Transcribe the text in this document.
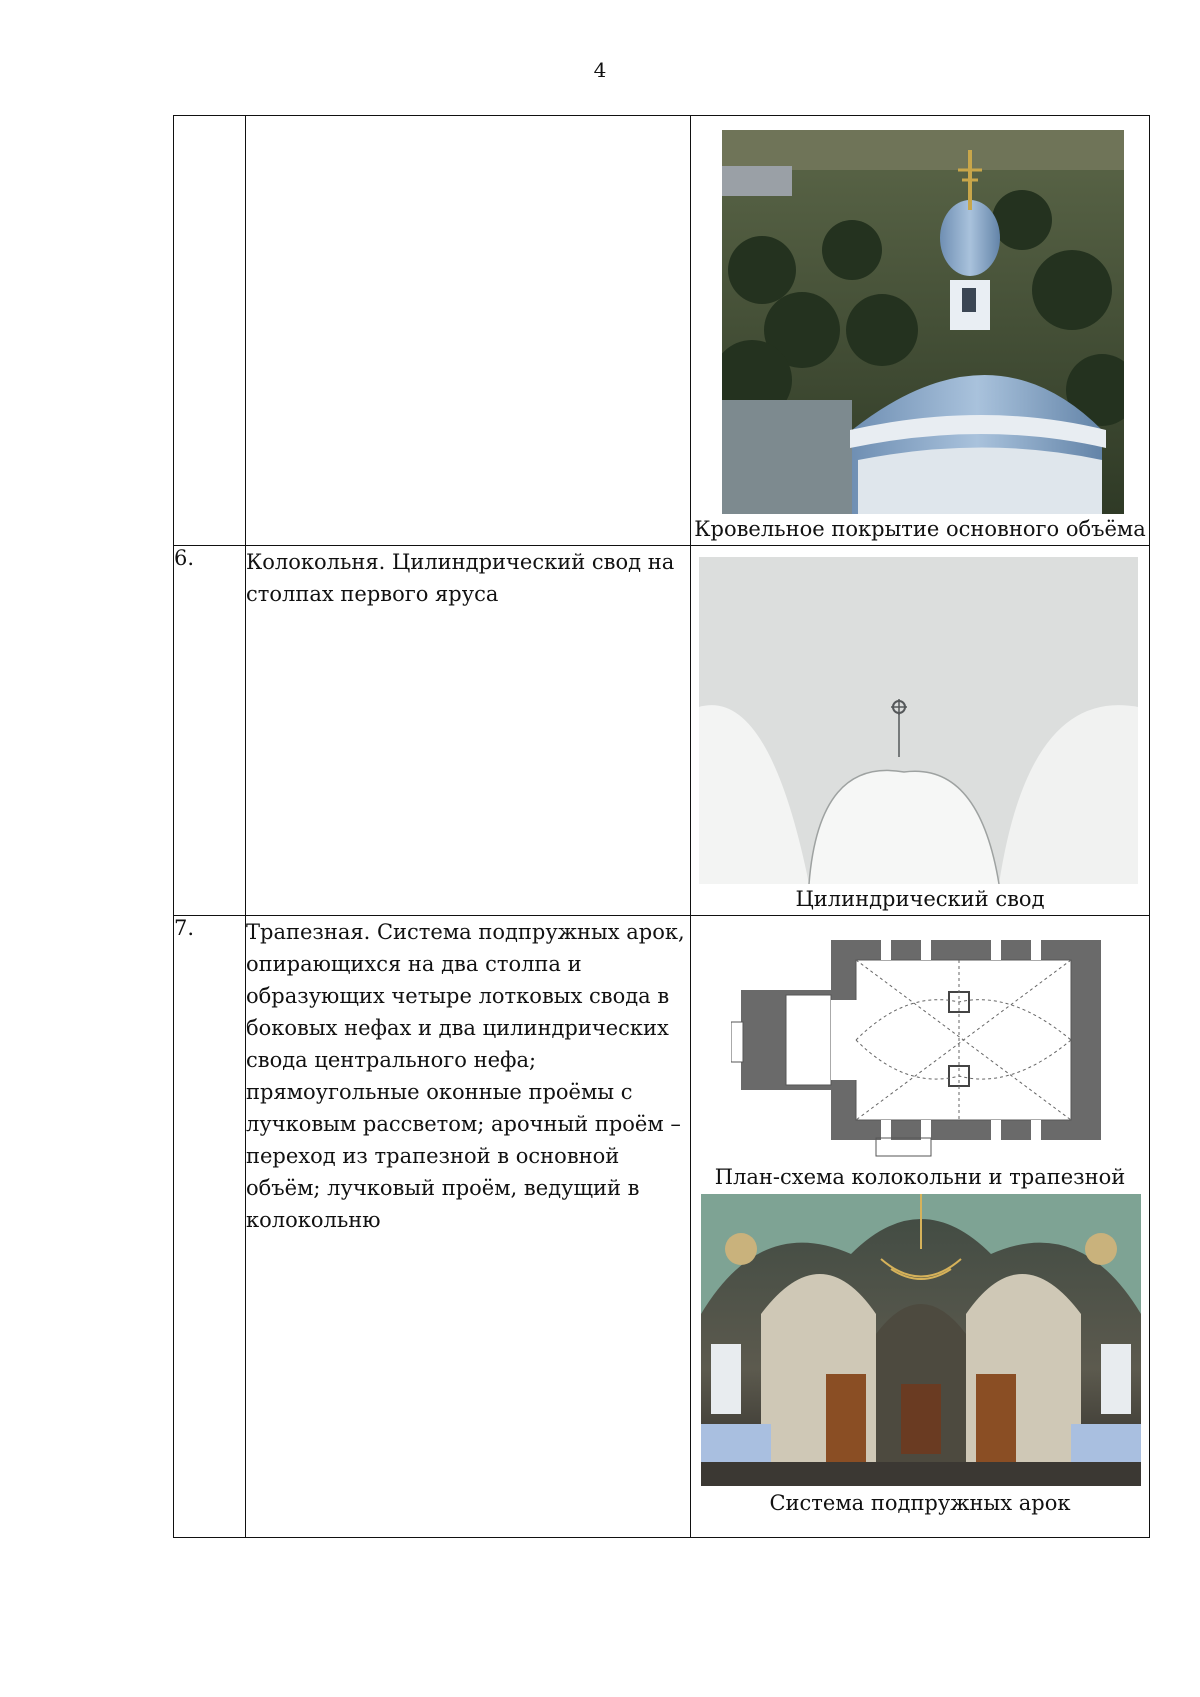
4

		Кровельное покрытие основного объёма

6.	Колокольня. Цилиндрический свод на столпах первого яруса	Цилиндрический свод

7.	Трапезная. Система подпружных арок, опирающихся на два столпа и образующих четыре лотковых свода в боковых нефах и два цилиндрических свода центрального нефа; прямоугольные оконные проёмы с лучковым рассветом; арочный проём – переход из трапезной в основной объём; лучковый проём, ведущий в колокольню	План-схема колокольни и трапезной
Система подпружных арок
